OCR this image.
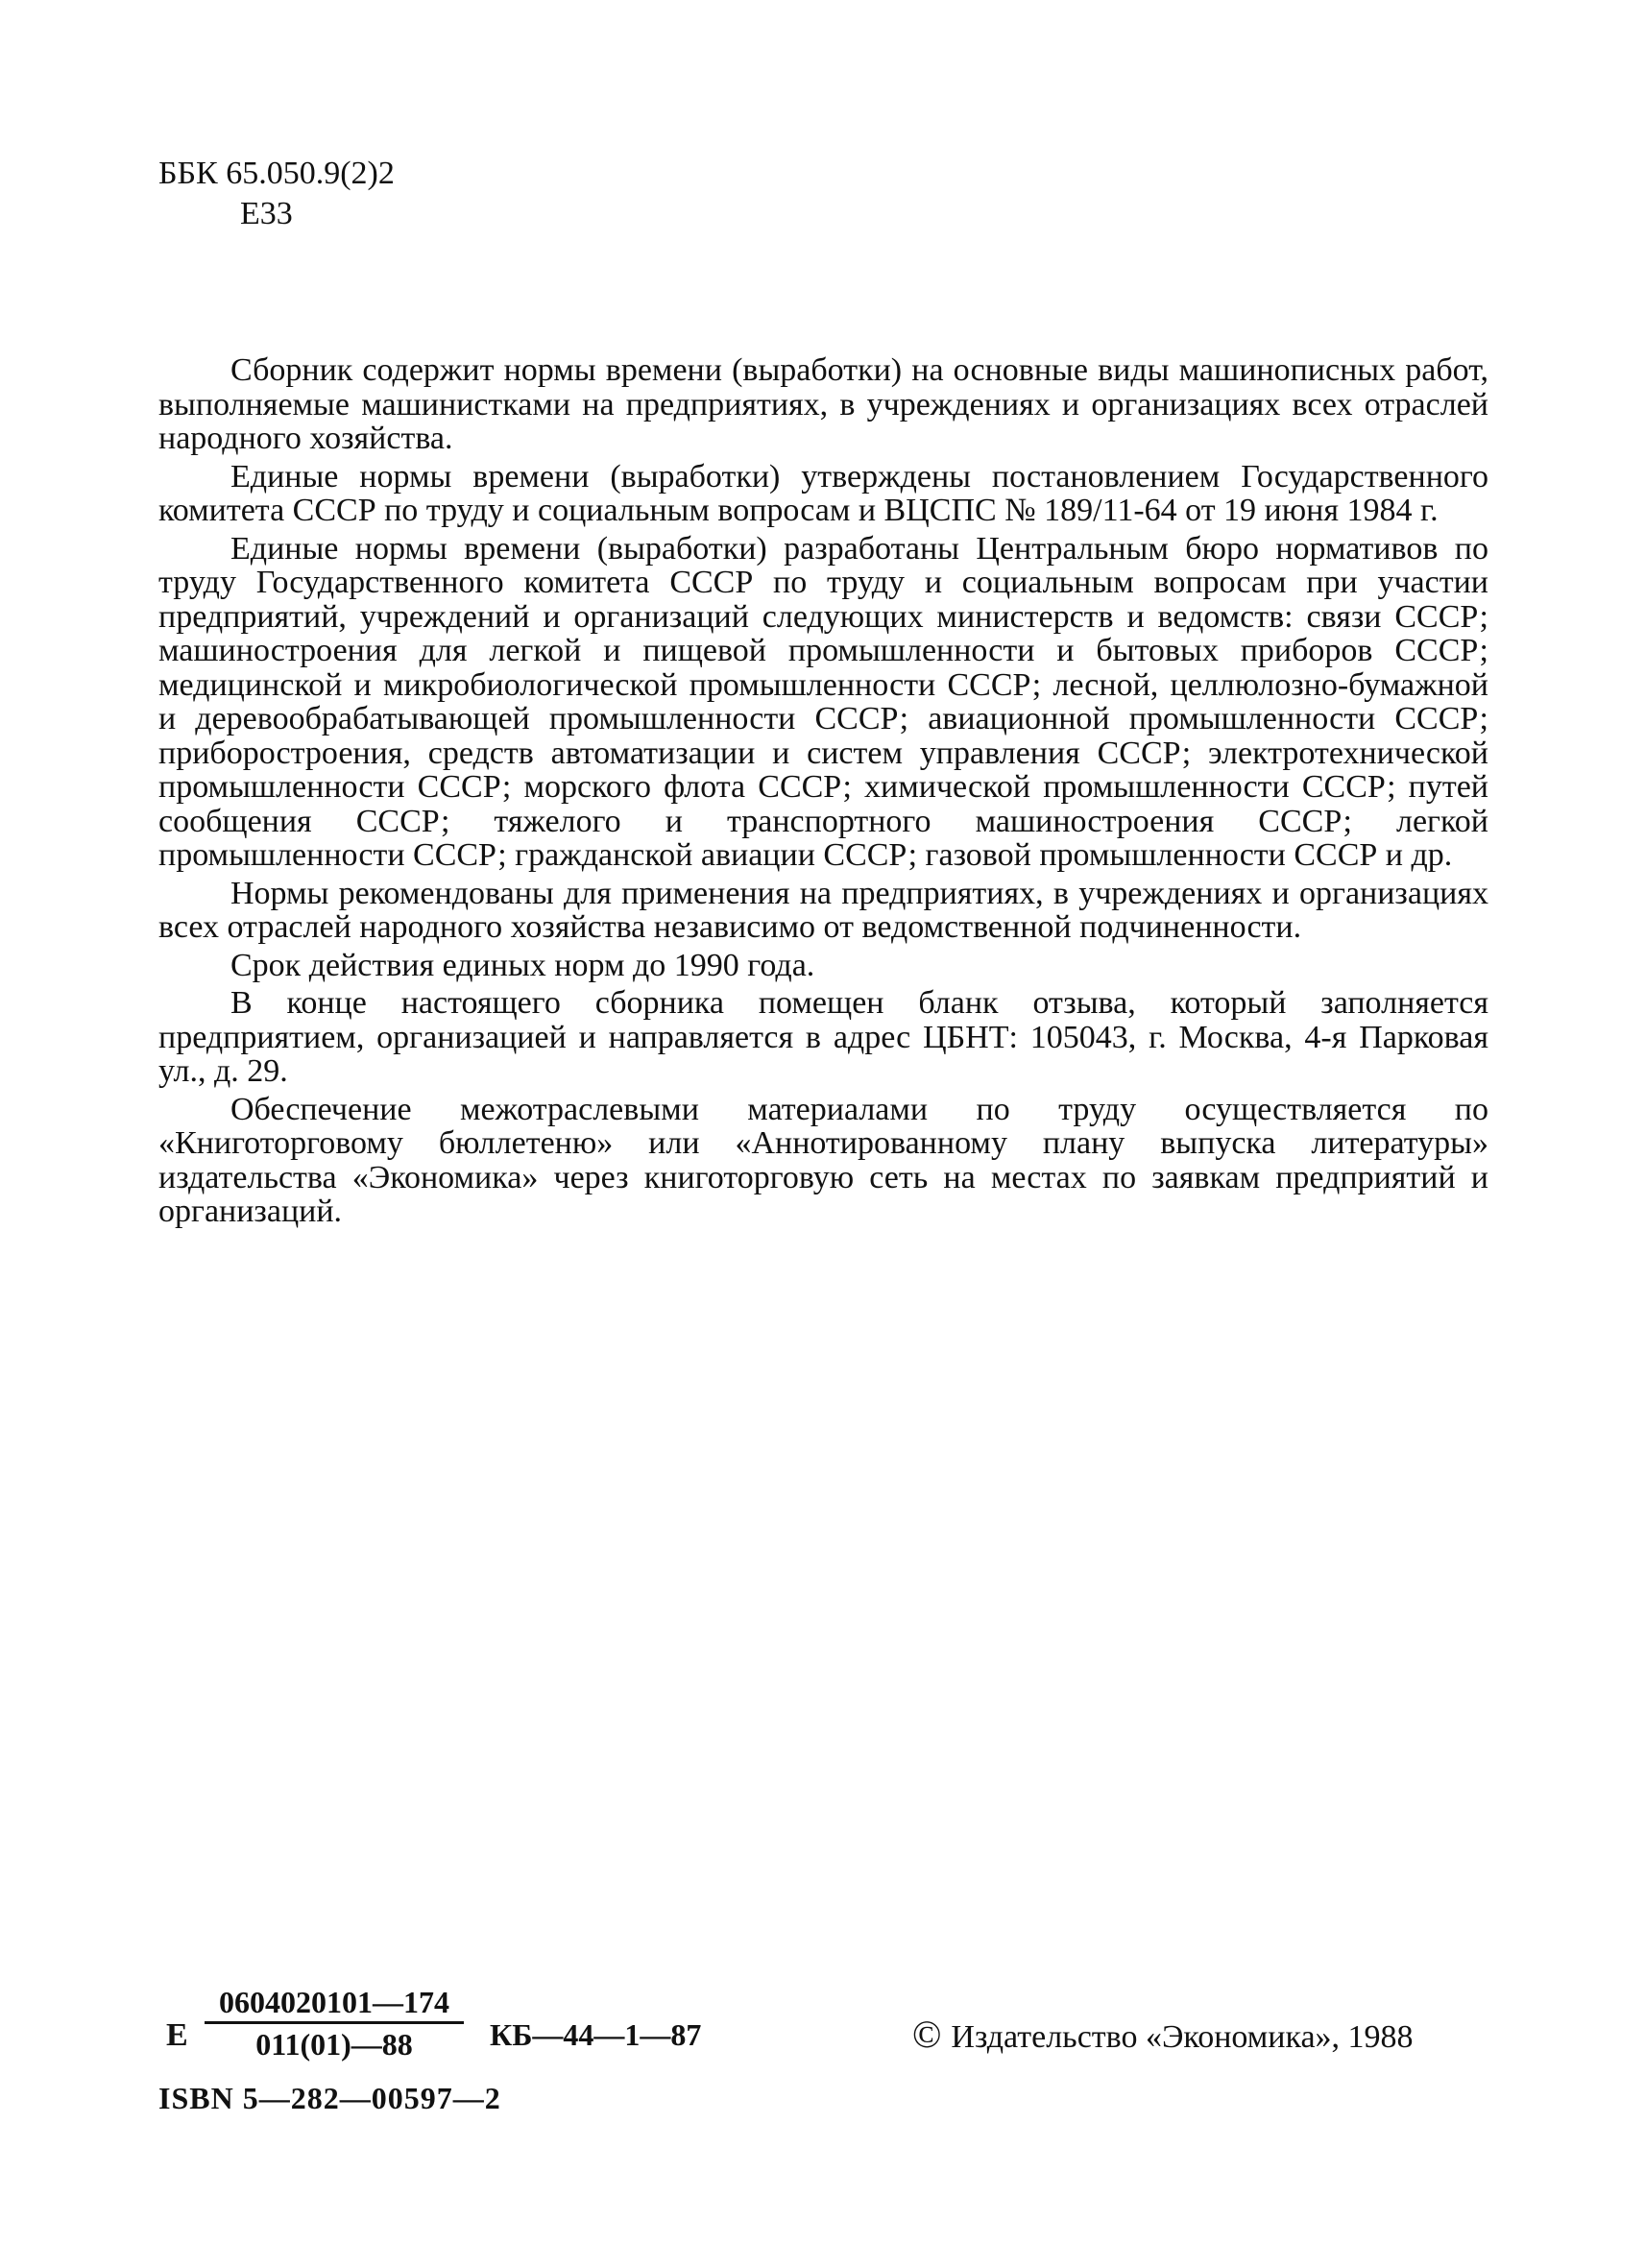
ББК 65.050.9(2)2
Е33

Сборник содержит нормы времени (выработки) на основные виды машинописных работ, выполняемые машинистками на предприятиях, в учреждениях и организациях всех отраслей народного хозяйства.

Единые нормы времени (выработки) утверждены постановлением Государственного комитета СССР по труду и социальным вопросам и ВЦСПС № 189/11-64 от 19 июня 1984 г.

Единые нормы времени (выработки) разработаны Центральным бюро нормативов по труду Государственного комитета СССР по труду и социальным вопросам при участии предприятий, учреждений и организаций следующих министерств и ведомств: связи СССР; машиностроения для легкой и пищевой промышленности и бытовых приборов СССР; медицинской и микробиологической промышленности СССР; лесной, целлюлозно-бумажной и деревообрабатывающей промышленности СССР; авиационной промышленности СССР; приборостроения, средств автоматизации и систем управления СССР; электротехнической промышленности СССР; морского флота СССР; химической промышленности СССР; путей сообщения СССР; тяжелого и транспортного машиностроения СССР; легкой промышленности СССР; гражданской авиации СССР; газовой промышленности СССР и др.

Нормы рекомендованы для применения на предприятиях, в учреждениях и организациях всех отраслей народного хозяйства независимо от ведомственной подчиненности.

Срок действия единых норм до 1990 года.

В конце настоящего сборника помещен бланк отзыва, который заполняется предприятием, организацией и направляется в адрес ЦБНТ: 105043, г. Москва, 4-я Парковая ул., д. 29.

Обеспечение межотраслевыми материалами по труду осуществляется по «Книготорговому бюллетеню» или «Аннотированному плану выпуска литературы» издательства «Экономика» через книготорговую сеть на местах по заявкам предприятий и организаций.

Е $\frac{0604020101—174}{011(01)—88}$ КБ—44—1—87	© Издательство «Экономика», 1988
ISBN 5—282—00597—2
